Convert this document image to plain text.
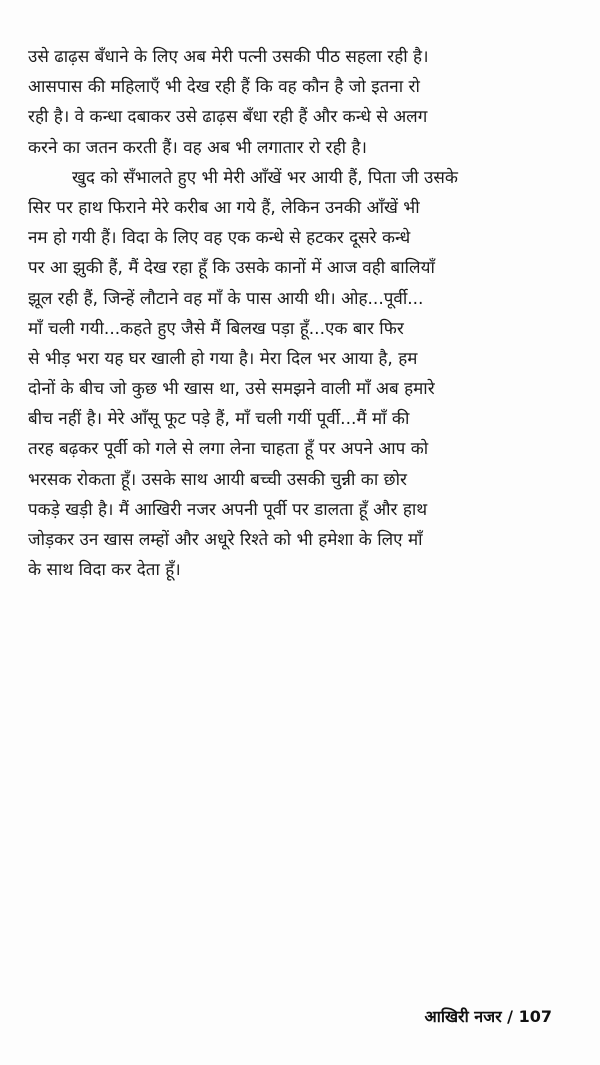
उसे ढाढ़स बँधाने के लिए अब मेरी पत्नी उसकी पीठ सहला रही है।
आसपास की महिलाएँ भी देख रही हैं कि वह कौन है जो इतना रो
रही है। वे कन्धा दबाकर उसे ढाढ़स बँधा रही हैं और कन्धे से अलग
करने का जतन करती हैं। वह अब भी लगातार रो रही है।
खुद को सँभालते हुए भी मेरी आँखें भर आयी हैं, पिता जी उसके
सिर पर हाथ फिराने मेरे करीब आ गये हैं, लेकिन उनकी आँखें भी
नम हो गयी हैं। विदा के लिए वह एक कन्धे से हटकर दूसरे कन्धे
पर आ झुकी हैं, मैं देख रहा हूँ कि उसके कानों में आज वही बालियाँ
झूल रही हैं, जिन्हें लौटाने वह माँ के पास आयी थी। ओह...पूर्वी...
माँ चली गयी...कहते हुए जैसे मैं बिलख पड़ा हूँ...एक बार फिर
से भीड़ भरा यह घर खाली हो गया है। मेरा दिल भर आया है, हम
दोनों के बीच जो कुछ भी खास था, उसे समझने वाली माँ अब हमारे
बीच नहीं है। मेरे आँसू फूट पड़े हैं, माँ चली गयीं पूर्वी...मैं माँ की
तरह बढ़कर पूर्वी को गले से लगा लेना चाहता हूँ पर अपने आप को
भरसक रोकता हूँ। उसके साथ आयी बच्ची उसकी चुन्नी का छोर
पकड़े खड़ी है। मैं आखिरी नजर अपनी पूर्वी पर डालता हूँ और हाथ
जोड़कर उन खास लम्हों और अधूरे रिश्ते को भी हमेशा के लिए माँ
के साथ विदा कर देता हूँ।
आखिरी नजर / 107
